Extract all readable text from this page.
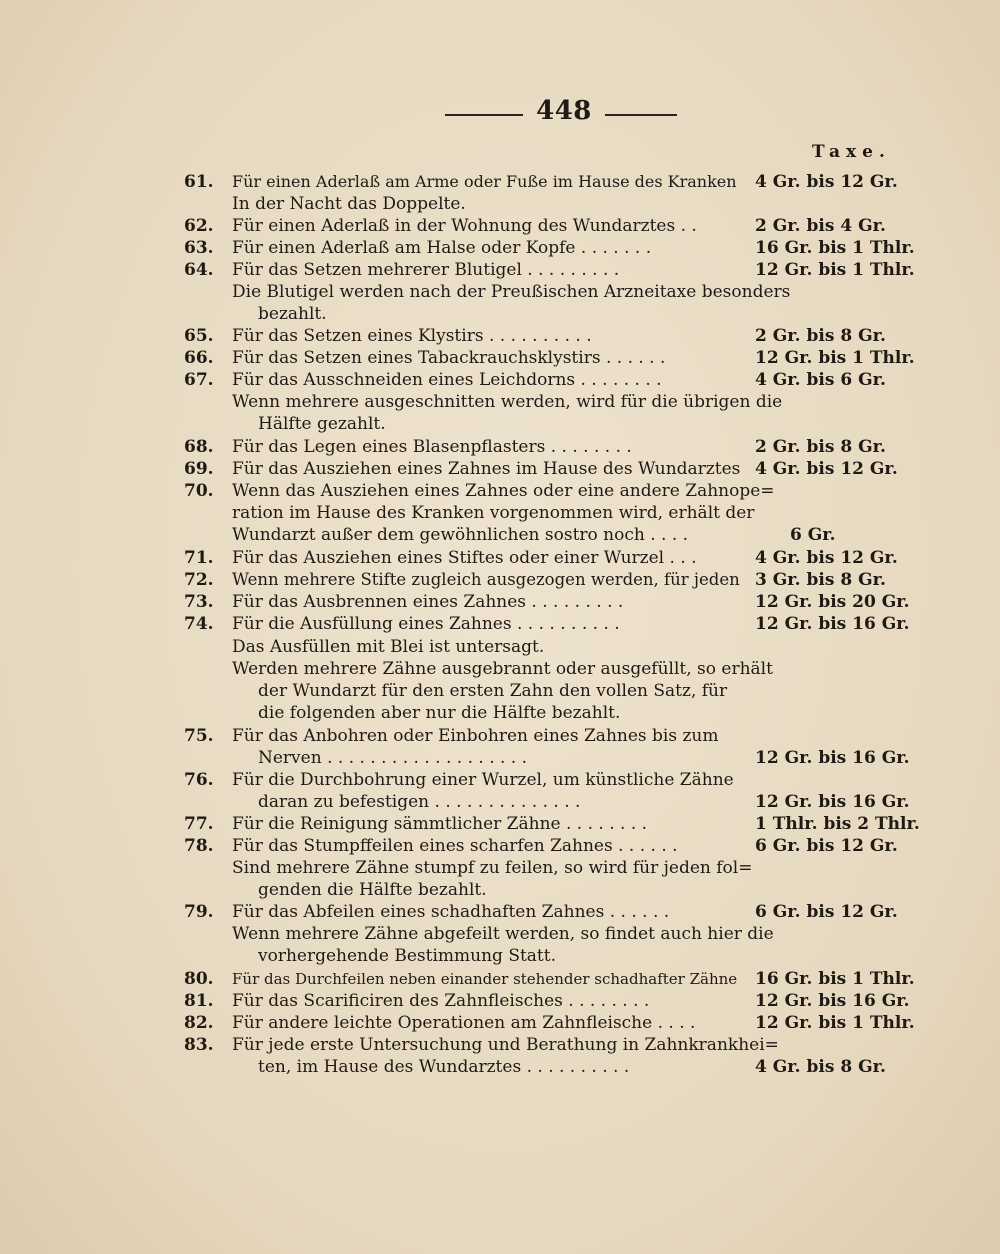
448
Taxe.
61.	Für einen Aderlaß am Arme oder Fuße im Hause des Kranken	4 Gr. bis 12 Gr.
In der Nacht das Doppelte.
62.	Für einen Aderlaß in der Wohnung des Wundarztes . .	2 Gr. bis 4 Gr.
63.	Für einen Aderlaß am Halse oder Kopfe . . . . . . .	16 Gr. bis 1 Thlr.
64.	Für das Setzen mehrerer Blutigel . . . . . . . . .	12 Gr. bis 1 Thlr.
Die Blutigel werden nach der Preußischen Arzneitaxe besonders
bezahlt.
65.	Für das Setzen eines Klystirs . . . . . . . . . .	2 Gr. bis 8 Gr.
66.	Für das Setzen eines Tabackrauchsklystirs . . . . . .	12 Gr. bis 1 Thlr.
67.	Für das Ausschneiden eines Leichdorns . . . . . . . .	4 Gr. bis 6 Gr.
Wenn mehrere ausgeschnitten werden, wird für die übrigen die
Hälfte gezahlt.
68.	Für das Legen eines Blasenpflasters . . . . . . . .	2 Gr. bis 8 Gr.
69.	Für das Ausziehen eines Zahnes im Hause des Wundarztes 4 Gr. bis 12 Gr.
70.	Wenn das Ausziehen eines Zahnes oder eine andere Zahnope=
ration im Hause des Kranken vorgenommen wird, erhält der
Wundarzt außer dem gewöhnlichen sostro noch . . . .	6 Gr.
71.	Für das Ausziehen eines Stiftes oder einer Wurzel . . .	4 Gr. bis 12 Gr.
72.	Wenn mehrere Stifte zugleich ausgezogen werden, für jeden 3 Gr. bis 8 Gr.
73.	Für das Ausbrennen eines Zahnes . . . . . . . . .	12 Gr. bis 20 Gr.
74.	Für die Ausfüllung eines Zahnes . . . . . . . . . .	12 Gr. bis 16 Gr.
Das Ausfüllen mit Blei ist untersagt.
Werden mehrere Zähne ausgebrannt oder ausgefüllt, so erhält
der Wundarzt für den ersten Zahn den vollen Satz, für
die folgenden aber nur die Hälfte bezahlt.
75.	Für das Anbohren oder Einbohren eines Zahnes bis zum
Nerven . . . . . . . . . . . . . . . . . . .	12 Gr. bis 16 Gr.
76.	Für die Durchbohrung einer Wurzel, um künstliche Zähne
daran zu befestigen . . . . . . . . . . . . . .	12 Gr. bis 16 Gr.
77.	Für die Reinigung sämmtlicher Zähne . . . . . . . .	1 Thlr. bis 2 Thlr.
78.	Für das Stumpffeilen eines scharfen Zahnes . . . . . .	6 Gr. bis 12 Gr.
Sind mehrere Zähne stumpf zu feilen, so wird für jeden fol=
genden die Hälfte bezahlt.
79.	Für das Abfeilen eines schadhaften Zahnes . . . . . .	6 Gr. bis 12 Gr.
Wenn mehrere Zähne abgefeilt werden, so findet auch hier die
vorhergehende Bestimmung Statt.
80.	Für das Durchfeilen neben einander stehender schadhafter Zähne	16 Gr. bis 1 Thlr.
81.	Für das Scarificiren des Zahnfleisches . . . . . . . .	12 Gr. bis 16 Gr.
82.	Für andere leichte Operationen am Zahnfleische . . . .	12 Gr. bis 1 Thlr.
83.	Für jede erste Untersuchung und Berathung in Zahnkrankhei=
ten, im Hause des Wundarztes . . . . . . . . . .	4 Gr. bis 8 Gr.
